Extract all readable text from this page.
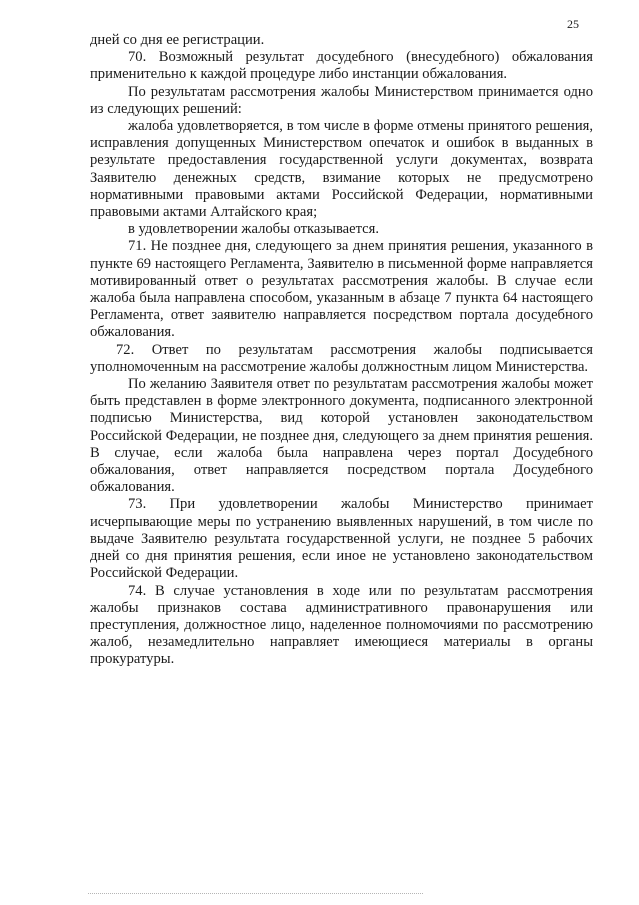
25

дней со дня ее регистрации.

70. Возможный результат досудебного (внесудебного) обжалования применительно к каждой процедуре либо инстанции обжалования.

По результатам рассмотрения жалобы Министерством принимается одно из следующих решений:

жалоба удовлетворяется, в том числе в форме отмены принятого решения, исправления допущенных Министерством опечаток и ошибок в выданных в результате предоставления государственной услуги документах, возврата Заявителю денежных средств, взимание которых не предусмотрено нормативными правовыми актами Российской Федерации, нормативными правовыми актами Алтайского края;

в удовлетворении жалобы отказывается.

71. Не позднее дня, следующего за днем принятия решения, указанного в пункте 69 настоящего Регламента, Заявителю в письменной форме направляется мотивированный ответ о результатах рассмотрения жалобы. В случае если жалоба была направлена способом, указанным в абзаце 7 пункта 64 настоящего Регламента, ответ заявителю направляется посредством портала досудебного обжалования.

72. Ответ по результатам рассмотрения жалобы подписывается уполномоченным на рассмотрение жалобы должностным лицом Министерства.

По желанию Заявителя ответ по результатам рассмотрения жалобы может быть представлен в форме электронного документа, подписанного электронной подписью Министерства, вид которой установлен законодательством Российской Федерации, не позднее дня, следующего за днем принятия решения. В случае, если жалоба была направлена через портал Досудебного обжалования, ответ направляется посредством портала Досудебного обжалования.

73. При удовлетворении жалобы Министерство принимает исчерпывающие меры по устранению выявленных нарушений, в том числе по выдаче Заявителю результата государственной услуги, не позднее 5 рабочих дней со дня принятия решения, если иное не установлено законодательством Российской Федерации.

74. В случае установления в ходе или по результатам рассмотрения жалобы признаков состава административного правонарушения или преступления, должностное лицо, наделенное полномочиями по рассмотрению жалоб, незамедлительно направляет имеющиеся материалы в органы прокуратуры.
